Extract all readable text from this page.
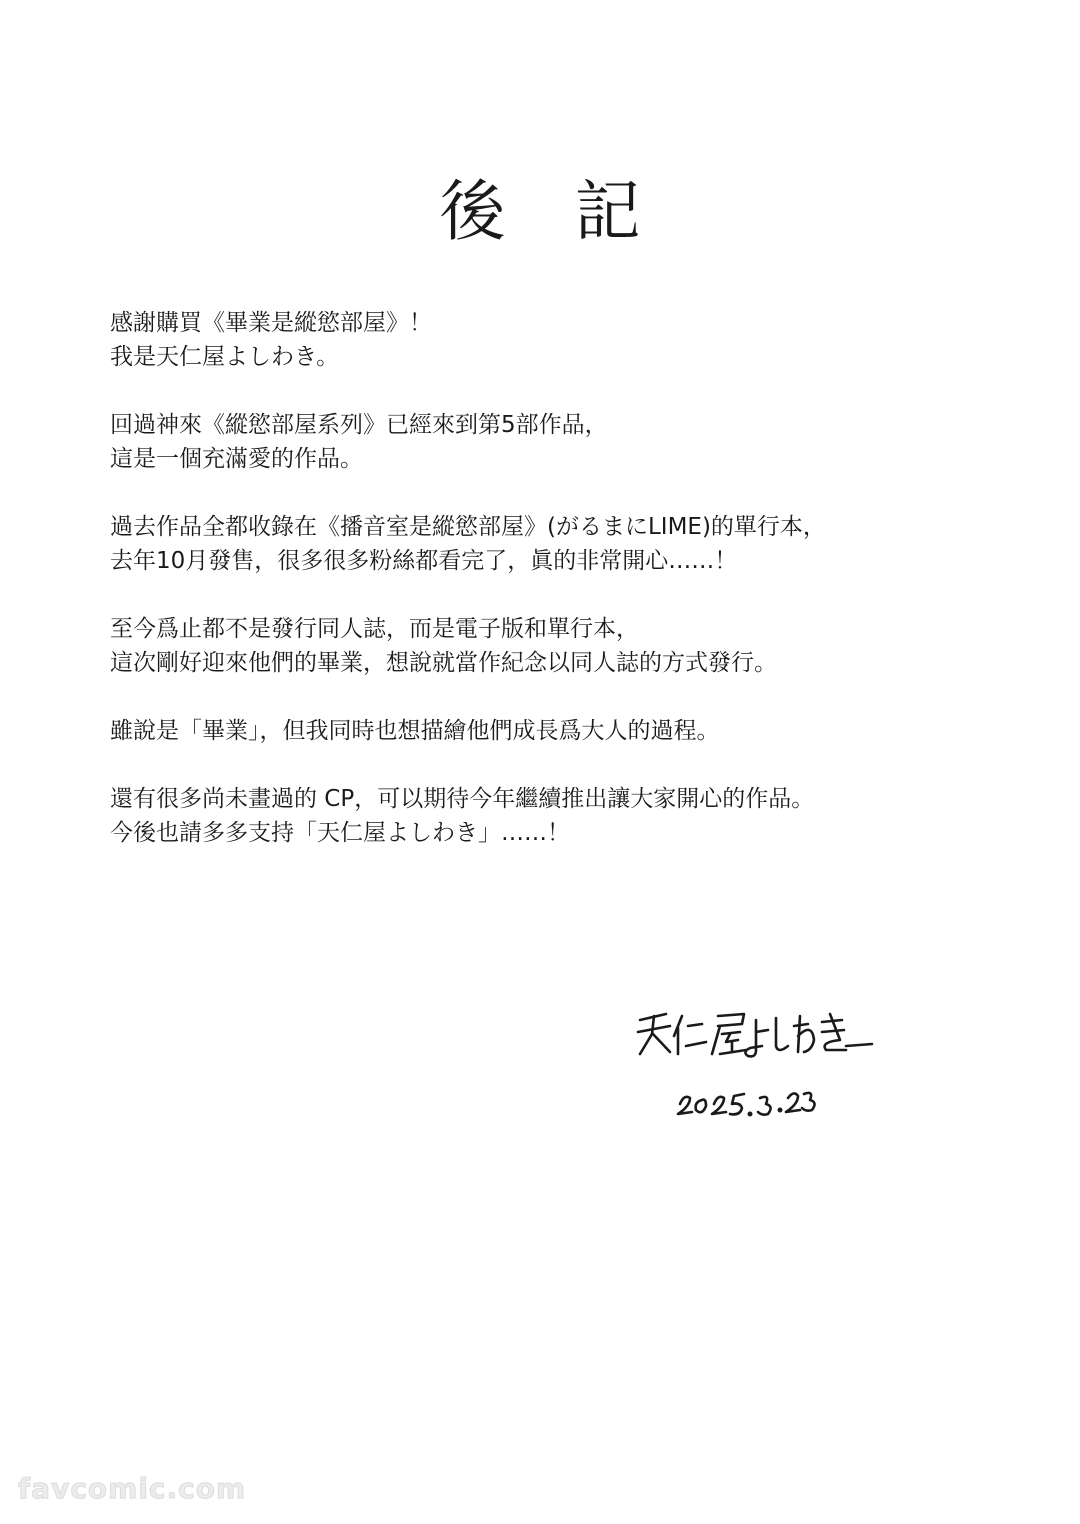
後 記

感謝購買《畢業是縱慾部屋》！
我是天仁屋よしわき。

回過神來《縱慾部屋系列》已經來到第5部作品，
這是一個充滿愛的作品。

過去作品全都收錄在《播音室是縱慾部屋》(がるまにLIME)的單行本，
去年10月發售，很多很多粉絲都看完了，眞的非常開心……！

至今爲止都不是發行同人誌，而是電子版和單行本，
這次剛好迎來他們的畢業，想說就當作紀念以同人誌的方式發行。

雖說是「畢業」，但我同時也想描繪他們成長爲大人的過程。

還有很多尚未畫過的 CP，可以期待今年繼續推出讓大家開心的作品。
今後也請多多支持「天仁屋よしわき」……！

favcomic.com
